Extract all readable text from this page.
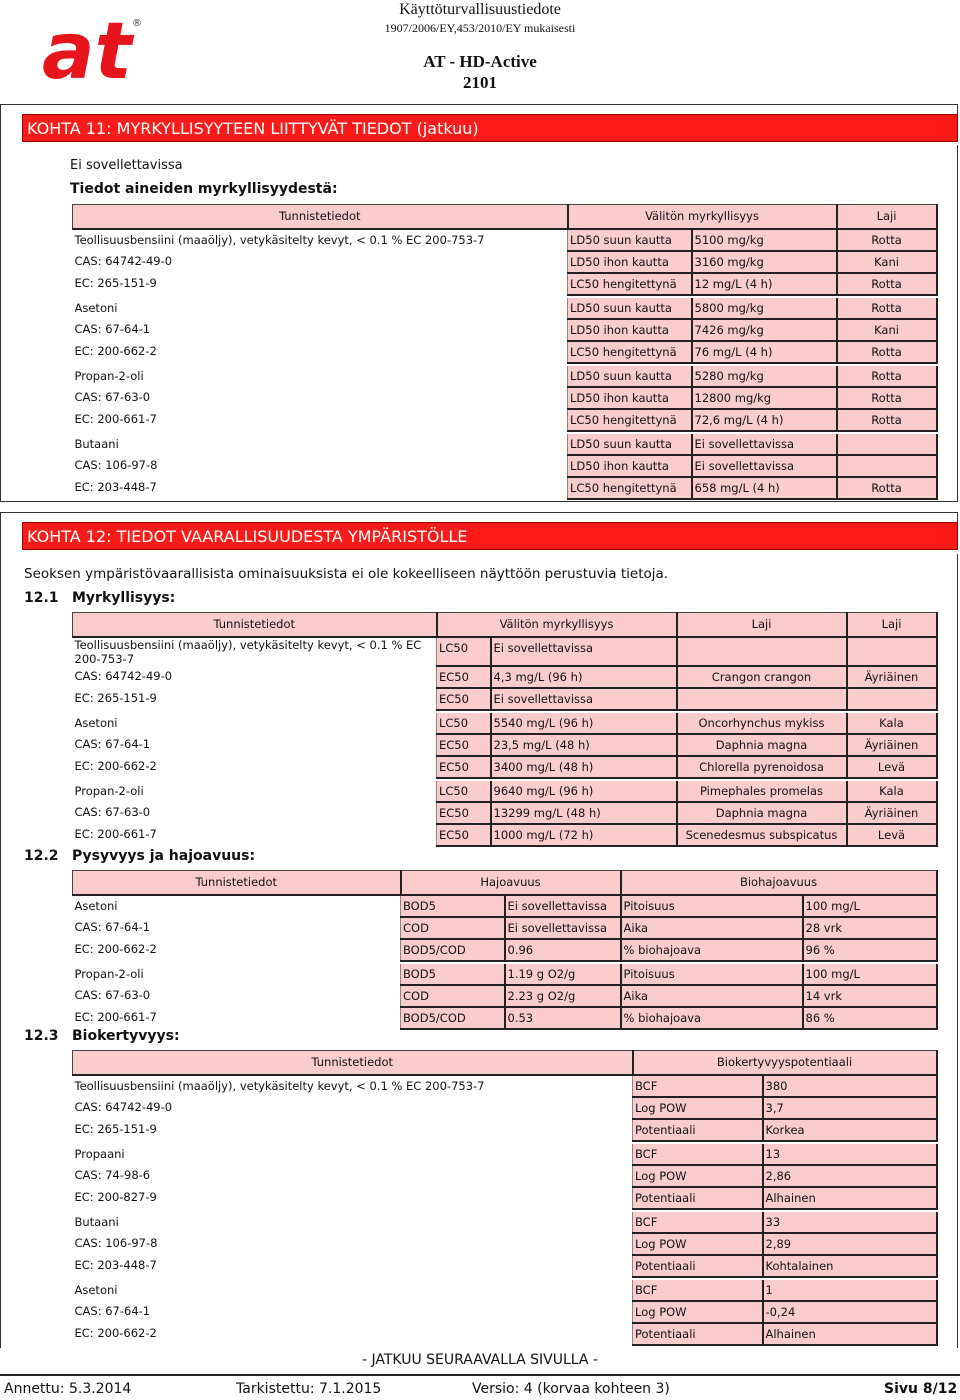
at ®
Käyttöturvallisuustiedote
1907/2006/EY,453/2010/EY mukaisesti
AT - HD-Active
2101
KOHTA 11: MYRKYLLISYYTEEN LIITTYVÄT TIEDOT (jatkuu)
Ei sovellettavissa
Tiedot aineiden myrkyllisyydestä:
Tunnistetiedot	Välitön myrkyllisyys		Laji
Teollisuusbensiini (maaöljy), vetykäsitelty kevyt, < 0.1 % EC 200-753-7	LD50 suun kautta	5100 mg/kg	Rotta
CAS: 64742-49-0	LD50 ihon kautta	3160 mg/kg	Kani
EC: 265-151-9	LC50 hengitettynä	12 mg/L (4 h)	Rotta

Asetoni	LD50 suun kautta	5800 mg/kg	Rotta
CAS: 67-64-1	LD50 ihon kautta	7426 mg/kg	Kani
EC: 200-662-2	LC50 hengitettynä	76 mg/L (4 h)	Rotta

Propan-2-oli	LD50 suun kautta	5280 mg/kg	Rotta
CAS: 67-63-0	LD50 ihon kautta	12800 mg/kg	Rotta
EC: 200-661-7	LC50 hengitettynä	72,6 mg/L (4 h)	Rotta

Butaani	LD50 suun kautta	Ei sovellettavissa	
CAS: 106-97-8	LD50 ihon kautta	Ei sovellettavissa	
EC: 203-448-7	LC50 hengitettynä	658 mg/L (4 h)	Rotta
KOHTA 12: TIEDOT VAARALLISUUDESTA YMPÄRISTÖLLE
Seoksen ympäristövaarallisista ominaisuuksista ei ole kokeelliseen näyttöön perustuvia tietoja.
12.1 Myrkyllisyys:
Tunnistetiedot	Välitön myrkyllisyys		Laji	Laji
Teollisuusbensiini (maaöljy), vetykäsitelty kevyt, < 0.1 % EC 200-753-7	LC50	Ei sovellettavissa		
CAS: 64742-49-0	EC50	4,3 mg/L (96 h)	Crangon crangon	Äyriäinen
EC: 265-151-9	EC50	Ei sovellettavissa		

Asetoni	LC50	5540 mg/L (96 h)	Oncorhynchus mykiss	Kala
CAS: 67-64-1	EC50	23,5 mg/L (48 h)	Daphnia magna	Äyriäinen
EC: 200-662-2	EC50	3400 mg/L (48 h)	Chlorella pyrenoidosa	Levä

Propan-2-oli	LC50	9640 mg/L (96 h)	Pimephales promelas	Kala
CAS: 67-63-0	EC50	13299 mg/L (48 h)	Daphnia magna	Äyriäinen
EC: 200-661-7	EC50	1000 mg/L (72 h)	Scenedesmus subspicatus	Levä
12.2 Pysyvyys ja hajoavuus:
Tunnistetiedot	Hajoavuus		Biohajoavuus	
Asetoni	BOD5	Ei sovellettavissa	Pitoisuus	100 mg/L
CAS: 67-64-1	COD	Ei sovellettavissa	Aika	28 vrk
EC: 200-662-2	BOD5/COD	0.96	% biohajoava	96 %

Propan-2-oli	BOD5	1.19 g O2/g	Pitoisuus	100 mg/L
CAS: 67-63-0	COD	2.23 g O2/g	Aika	14 vrk
EC: 200-661-7	BOD5/COD	0.53	% biohajoava	86 %
12.3 Biokertyvyys:
Tunnistetiedot	Biokertyvyyspotentiaali	
Teollisuusbensiini (maaöljy), vetykäsitelty kevyt, < 0.1 % EC 200-753-7	BCF	380
CAS: 64742-49-0	Log POW	3,7
EC: 265-151-9	Potentiaali	Korkea

Propaani	BCF	13
CAS: 74-98-6	Log POW	2,86
EC: 200-827-9	Potentiaali	Alhainen

Butaani	BCF	33
CAS: 106-97-8	Log POW	2,89
EC: 203-448-7	Potentiaali	Kohtalainen

Asetoni	BCF	1
CAS: 67-64-1	Log POW	-0,24
EC: 200-662-2	Potentiaali	Alhainen
- JATKUU SEURAAVALLA SIVULLA -
Annettu: 5.3.2014	Tarkistettu: 7.1.2015	Versio: 4 (korvaa kohteen 3)	Sivu 8/12
